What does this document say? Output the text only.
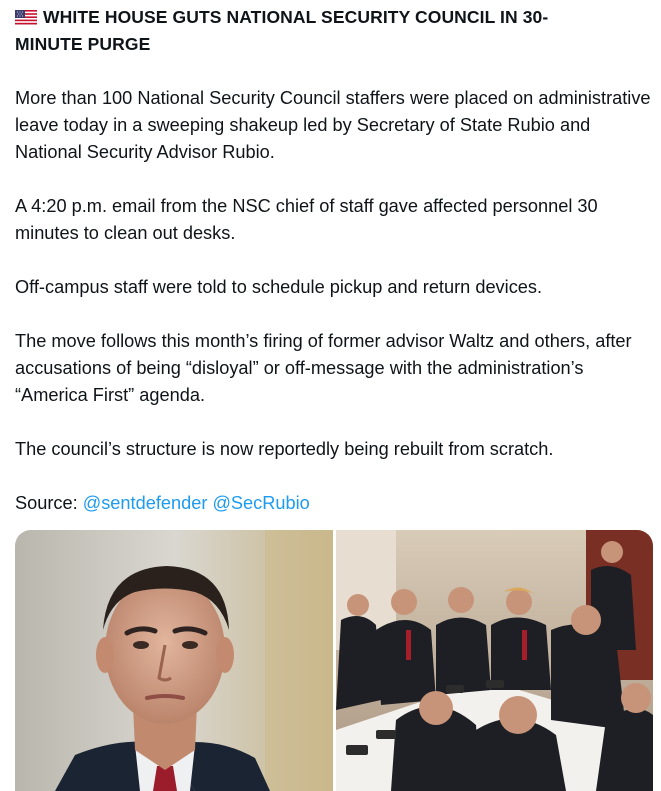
WHITE HOUSE GUTS NATIONAL SECURITY COUNCIL IN 30-
MINUTE PURGE

More than 100 National Security Council staffers were placed on administrative leave today in a sweeping shakeup led by Secretary of State Rubio and National Security Advisor Rubio.

A 4:20 p.m. email from the NSC chief of staff gave affected personnel 30 minutes to clean out desks.

Off-campus staff were told to schedule pickup and return devices.

The move follows this month’s firing of former advisor Waltz and others, after accusations of being “disloyal” or off-message with the administration’s “America First” agenda.

The council’s structure is now reportedly being rebuilt from scratch.

Source: @sentdefender @SecRubio
